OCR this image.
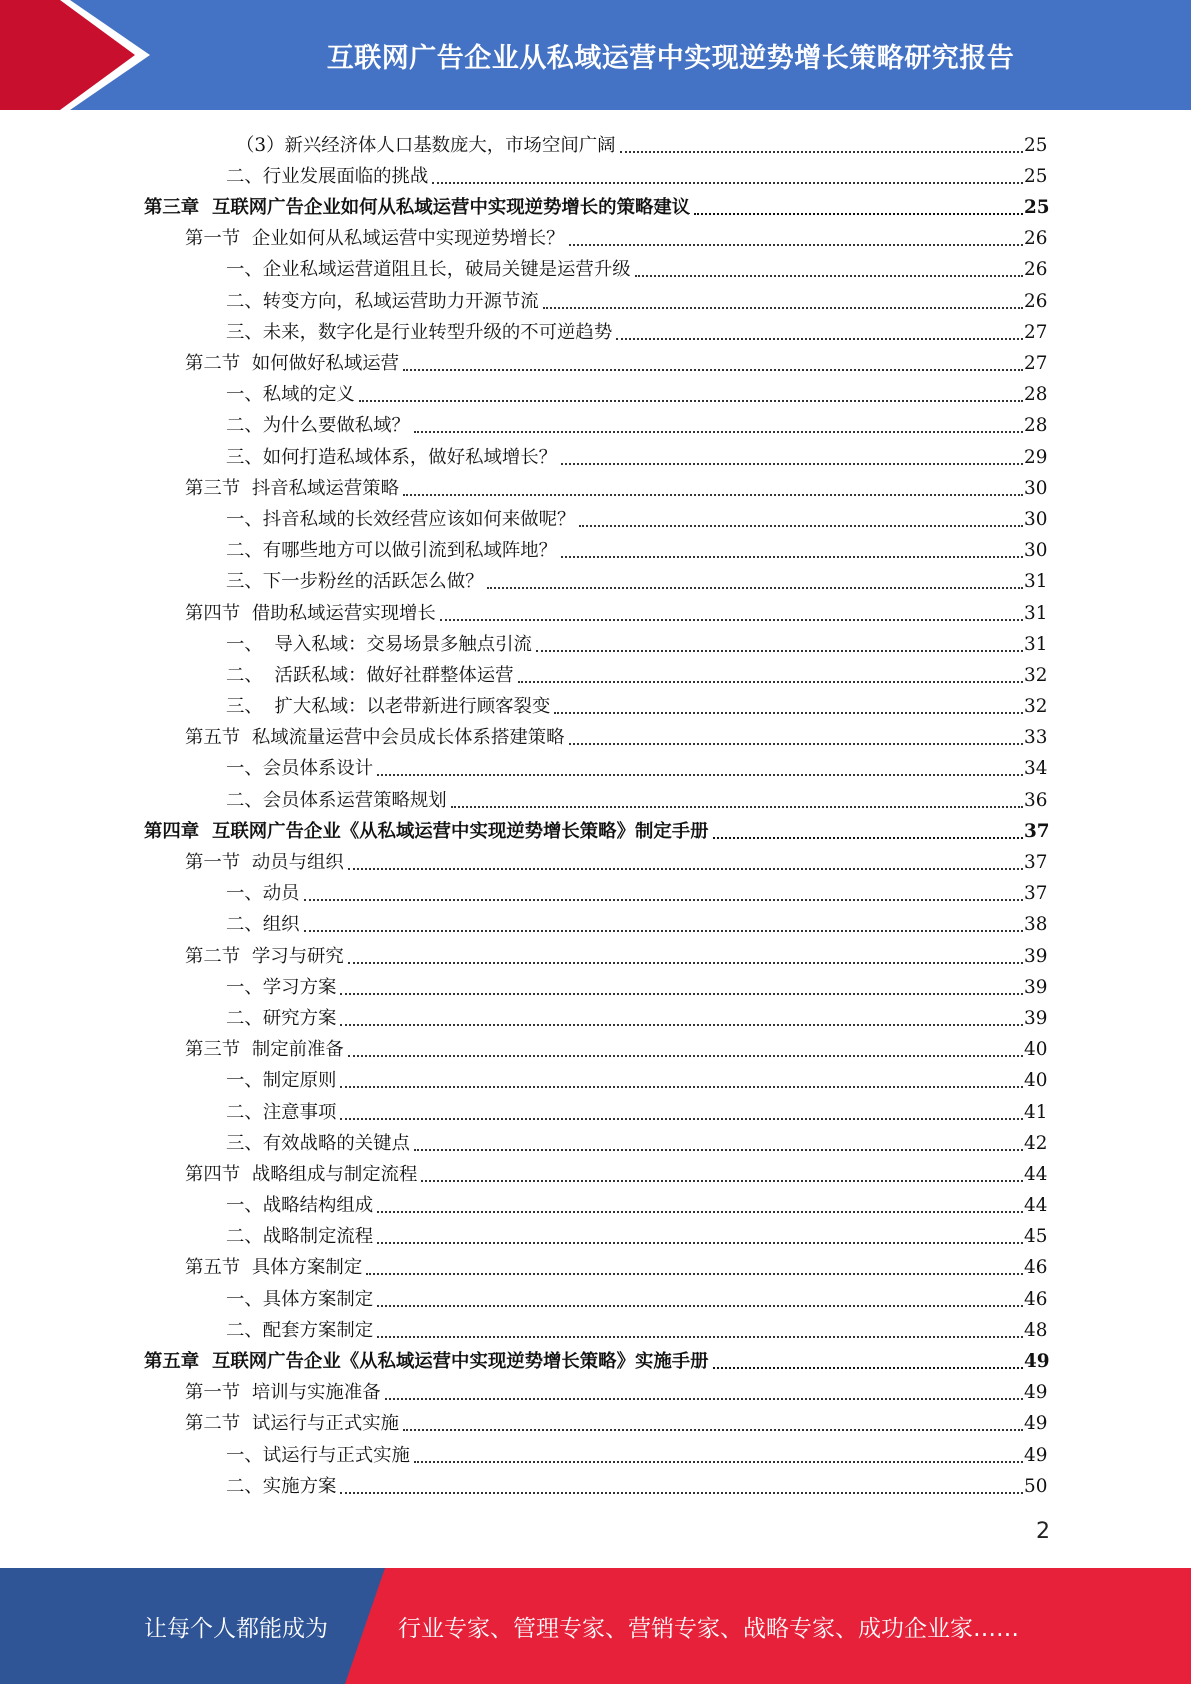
互联网广告企业从私域运营中实现逆势增长策略研究报告
（3）新兴经济体人口基数庞大，市场空间广阔	25
二、行业发展面临的挑战	25
第三章  互联网广告企业如何从私域运营中实现逆势增长的策略建议	25
第一节  企业如何从私域运营中实现逆势增长？	26
一、企业私域运营道阻且长，破局关键是运营升级	26
二、转变方向，私域运营助力开源节流	26
三、未来，数字化是行业转型升级的不可逆趋势	27
第二节  如何做好私域运营	27
一、私域的定义	28
二、为什么要做私域？	28
三、如何打造私域体系，做好私域增长？	29
第三节  抖音私域运营策略	30
一、抖音私域的长效经营应该如何来做呢？	30
二、有哪些地方可以做引流到私域阵地？	30
三、下一步粉丝的活跃怎么做？	31
第四节  借助私域运营实现增长	31
一、  导入私域：交易场景多触点引流	31
二、  活跃私域：做好社群整体运营	32
三、  扩大私域：以老带新进行顾客裂变	32
第五节  私域流量运营中会员成长体系搭建策略	33
一、会员体系设计	34
二、会员体系运营策略规划	36
第四章  互联网广告企业《从私域运营中实现逆势增长策略》制定手册	37
第一节  动员与组织	37
一、动员	37
二、组织	38
第二节  学习与研究	39
一、学习方案	39
二、研究方案	39
第三节  制定前准备	40
一、制定原则	40
二、注意事项	41
三、有效战略的关键点	42
第四节  战略组成与制定流程	44
一、战略结构组成	44
二、战略制定流程	45
第五节  具体方案制定	46
一、具体方案制定	46
二、配套方案制定	48
第五章  互联网广告企业《从私域运营中实现逆势增长策略》实施手册	49
第一节  培训与实施准备	49
第二节  试运行与正式实施	49
一、试运行与正式实施	49
二、实施方案	50
2
让每个人都能成为	行业专家、管理专家、营销专家、战略专家、成功企业家……
